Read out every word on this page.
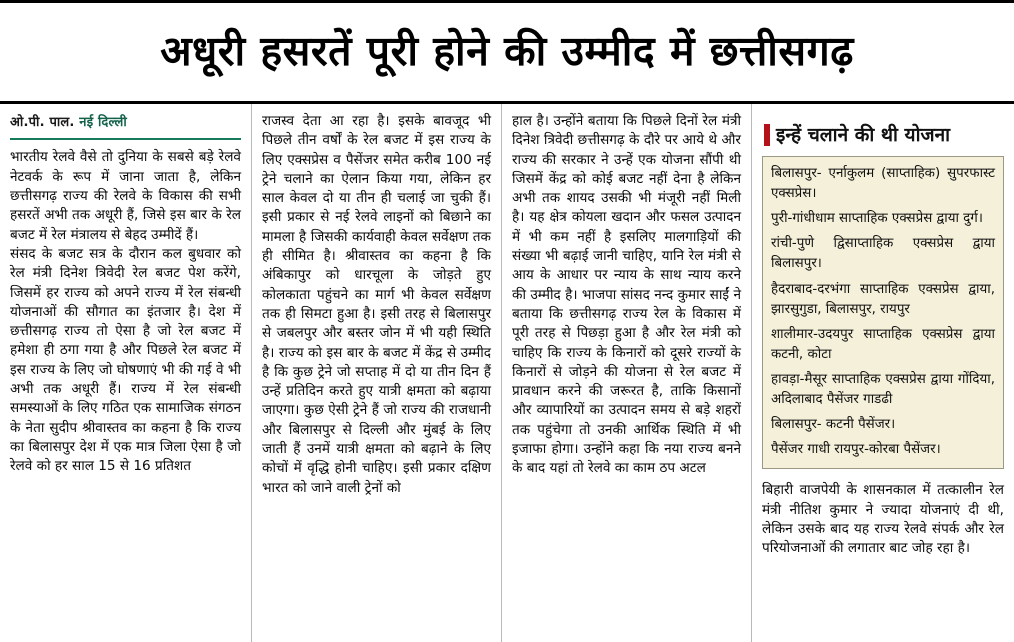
अधूरी हसरतें पूरी होने की उम्मीद में छत्तीसगढ़
ओ.पी. पाल. नई दिल्ली

भारतीय रेलवे वैसे तो दुनिया के सबसे बड़े रेलवे नेटवर्क के रूप में जाना जाता है, लेकिन छत्तीसगढ़ राज्य की रेलवे के विकास की सभी हसरतें अभी तक अधूरी हैं, जिसे इस बार के रेल बजट में रेल मंत्रालय से बेहद उम्मीदें हैं।

संसद के बजट सत्र के दौरान कल बुधवार को रेल मंत्री दिनेश त्रिवेदी रेल बजट पेश करेंगे, जिसमें हर राज्य को अपने राज्य में रेल संबन्धी योजनाओं की सौगात का इंतजार है। देश में छत्तीसगढ़ राज्य तो ऐसा है जो रेल बजट में हमेशा ही ठगा गया है और पिछले रेल बजट में इस राज्य के लिए जो घोषणाएं भी की गई वे भी अभी तक अधूरी हैं। राज्य में रेल संबन्धी समस्याओं के लिए गठित एक सामाजिक संगठन के नेता सुदीप श्रीवास्तव का कहना है कि राज्य का बिलासपुर देश में एक मात्र जिला ऐसा है जो रेलवे को हर साल 15 से 16 प्रतिशत

राजस्व देता आ रहा है। इसके बावजूद भी पिछले तीन वर्षों के रेल बजट में इस राज्य के लिए एक्सप्रेस व पैसेंजर समेत करीब 100 नई ट्रेने चलाने का ऐलान किया गया, लेकिन हर साल केवल दो या तीन ही चलाई जा चुकी हैं। इसी प्रकार से नई रेलवे लाइनों को बिछाने का मामला है जिसकी कार्यवाही केवल सर्वेक्षण तक ही सीमित है। श्रीवास्तव का कहना है कि अंबिकापुर को धारचूला के जोड़ते हुए कोलकाता पहुंचने का मार्ग भी केवल सर्वेक्षण तक ही सिमटा हुआ है। इसी तरह से बिलासपुर से जबलपुर और बस्तर जोन में भी यही स्थिति है। राज्य को इस बार के बजट में केंद्र से उम्मीद है कि कुछ ट्रेने जो सप्ताह में दो या तीन दिन हैं उन्हें प्रतिदिन करते हुए यात्री क्षमता को बढ़ाया जाएगा। कुछ ऐसी ट्रेने हैं जो राज्य की राजधानी और बिलासपुर से दिल्ली और मुंबई के लिए जाती हैं उनमें यात्री क्षमता को बढ़ाने के लिए कोचों में वृद्धि होनी चाहिए। इसी प्रकार दक्षिण भारत को जाने वाली ट्रेनों को

हाल है। उन्होंने बताया कि पिछले दिनों रेल मंत्री दिनेश त्रिवेदी छत्तीसगढ़ के दौरे पर आये थे और राज्य की सरकार ने उन्हें एक योजना सौंपी थी जिसमें केंद्र को कोई बजट नहीं देना है लेकिन अभी तक शायद उसकी भी मंजूरी नहीं मिली है। यह क्षेत्र कोयला खदान और फसल उत्पादन में भी कम नहीं है इसलिए मालगाड़ियों की संख्या भी बढ़ाई जानी चाहिए, यानि रेल मंत्री से आय के आधार पर न्याय के साथ न्याय करने की उम्मीद है। भाजपा सांसद नन्द कुमार साईं ने बताया कि छत्तीसगढ़ राज्य रेल के विकास में पूरी तरह से पिछड़ा हुआ है और रेल मंत्री को चाहिए कि राज्य के किनारों को दूसरे राज्यों के किनारों से जोड़ने की योजना से रेल बजट में प्रावधान करने की जरूरत है, ताकि किसानों और व्यापारियों का उत्पादन समय से बड़े शहरों तक पहुंचेगा तो उनकी आर्थिक स्थिति में भी इजाफा होगा। उन्होंने कहा कि नया राज्य बनने के बाद यहां तो रेलवे का काम ठप अटल

इन्हें चलाने की थी योजना
बिलासपुर- एर्नाकुलम (साप्ताहिक) सुपरफास्ट एक्सप्रेस।
पुरी-गांधीधाम साप्ताहिक एक्सप्रेस द्वाया दुर्ग।
रांची-पुणे द्विसाप्ताहिक एक्सप्रेस द्वाया बिलासपुर।
हैदराबाद-दरभंगा साप्ताहिक एक्सप्रेस द्वाया, झारसुगुडा, बिलासपुर, रायपुर
शालीमार-उदयपुर साप्ताहिक एक्सप्रेस द्वाया कटनी, कोटा
हावड़ा-मैसूर साप्ताहिक एक्सप्रेस द्वाया गोंदिया, अदिलाबाद पैसेंजर गाडढी
बिलासपुर- कटनी पैसेंजर।
पैसेंजर गाधी रायपुर-कोरबा पैसेंजर।
बिहारी वाजपेयी के शासनकाल में तत्कालीन रेल मंत्री नीतिश कुमार ने ज्यादा योजनाएं दी थी, लेकिन उसके बाद यह राज्य रेलवे संपर्क और रेल परियोजनाओं की लगातार बाट जोह रहा है।
